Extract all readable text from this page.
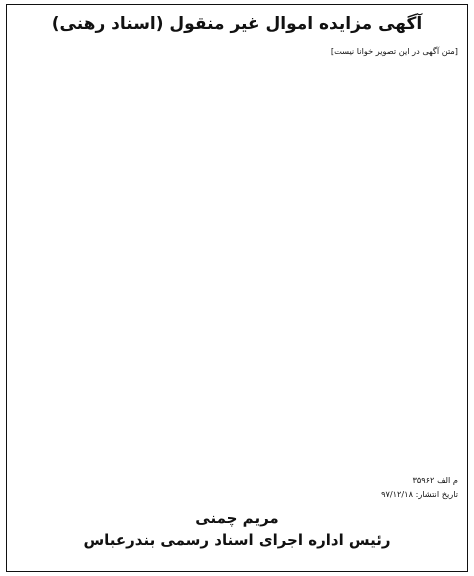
آگهی مزایده اموال غیر منقول (اسناد رهنی)

[متن آگهی در این تصویر خوانا نیست]

م الف ۳۵۹۶۲
تاریخ انتشار: ۹۷/۱۲/۱۸
مریم چمنی
رئیس اداره اجرای اسناد رسمی بندرعباس
